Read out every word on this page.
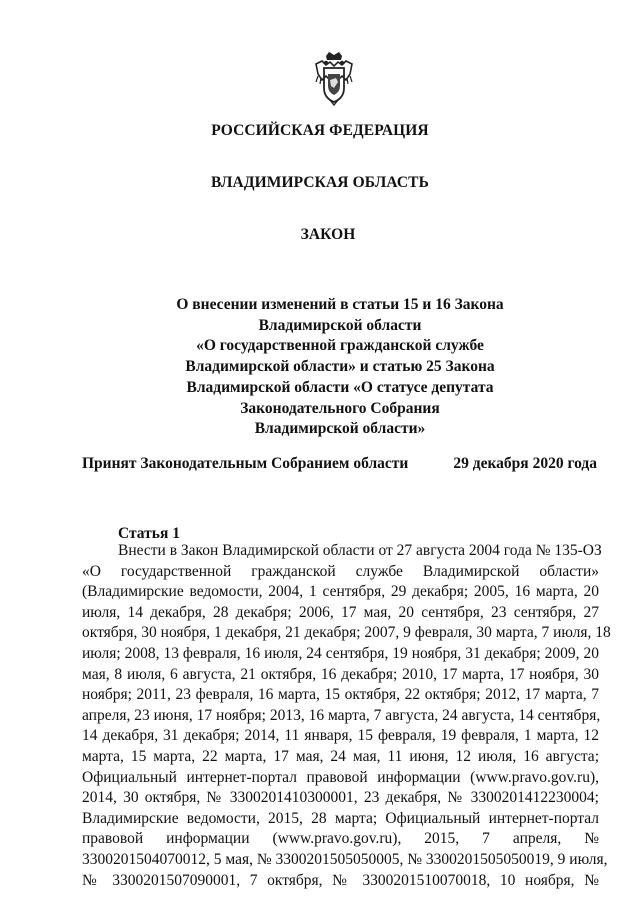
РОССИЙСКАЯ ФЕДЕРАЦИЯ
ВЛАДИМИРСКАЯ ОБЛАСТЬ
ЗАКОН
О внесении изменений в статьи 15 и 16 Закона
Владимирской области
«О государственной гражданской службе
Владимирской области» и статью 25 Закона
Владимирской области «О статусе депутата
Законодательного Собрания
Владимирской области»
Принят Законодательным Собранием области	29 декабря 2020 года
Статья 1
Внести в Закон Владимирской области от 27 августа 2004 года № 135-ОЗ
«О государственной гражданской службе Владимирской области»
(Владимирские ведомости, 2004, 1 сентября, 29 декабря; 2005, 16 марта, 20
июля, 14 декабря, 28 декабря; 2006, 17 мая, 20 сентября, 23 сентября, 27
октября, 30 ноября, 1 декабря, 21 декабря; 2007, 9 февраля, 30 марта, 7 июля, 18
июля; 2008, 13 февраля, 16 июля, 24 сентября, 19 ноября, 31 декабря; 2009, 20
мая, 8 июля, 6 августа, 21 октября, 16 декабря; 2010, 17 марта, 17 ноября, 30
ноября; 2011, 23 февраля, 16 марта, 15 октября, 22 октября; 2012, 17 марта, 7
апреля, 23 июня, 17 ноября; 2013, 16 марта, 7 августа, 24 августа, 14 сентября,
14 декабря, 31 декабря; 2014, 11 января, 15 февраля, 19 февраля, 1 марта, 12
марта, 15 марта, 22 марта, 17 мая, 24 мая, 11 июня, 12 июля, 16 августа;
Официальный интернет-портал правовой информации (www.pravo.gov.ru),
2014, 30 октября, № 3300201410300001, 23 декабря, № 3300201412230004;
Владимирские ведомости, 2015, 28 марта; Официальный интернет-портал
правовой информации (www.pravo.gov.ru), 2015, 7 апреля, №
3300201504070012, 5 мая, № 3300201505050005, № 3300201505050019, 9 июля,
№ 3300201507090001, 7 октября, № 3300201510070018, 10 ноября, №
